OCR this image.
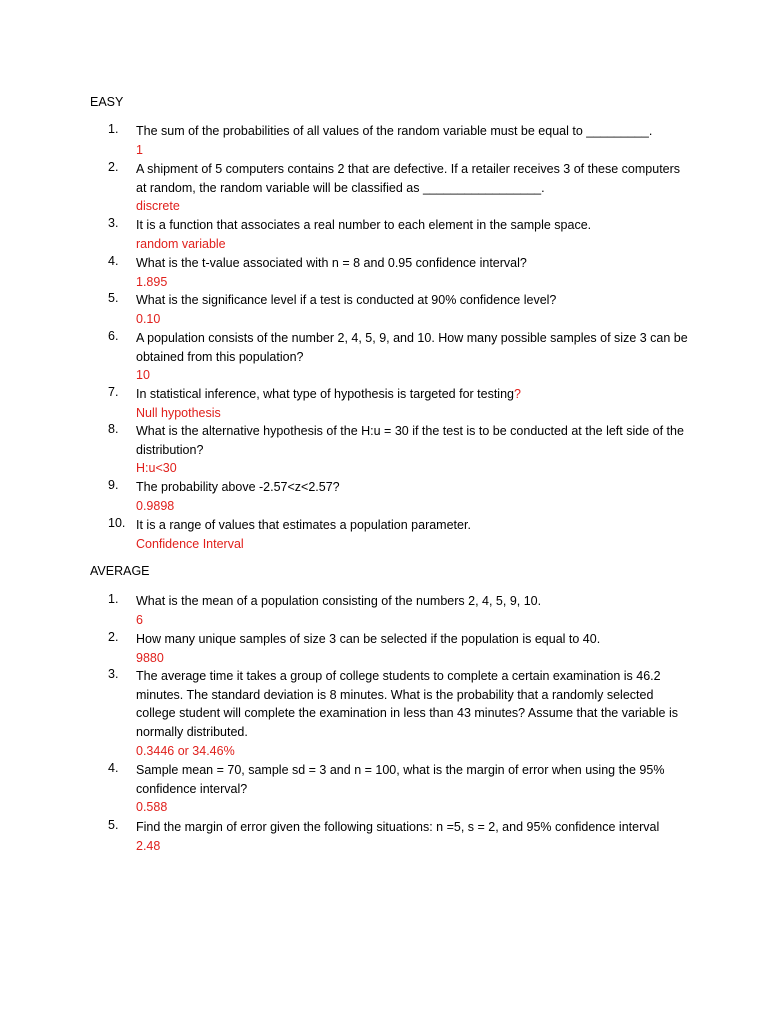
EASY
1.	The sum of the probabilities of all values of the random variable must be equal to _________.
1
2.	A shipment of 5 computers contains 2 that are defective. If a retailer receives 3 of these computers at random, the random variable will be classified as _________________.
discrete
3.	It is a function that associates a real number to each element in the sample space.
random variable
4.	What is the t-value associated with n = 8 and 0.95 confidence interval?
1.895
5.	What is the significance level if a test is conducted at 90% confidence level?
0.10
6.	A population consists of the number 2, 4, 5, 9, and 10. How many possible samples of size 3 can be obtained from this population?
10
7.	In statistical inference, what type of hypothesis is targeted for testing?
Null hypothesis
8.	What is the alternative hypothesis of the H:u = 30 if the test is to be conducted at the left side of the distribution?
H:u<30
9.	The probability above -2.57<z<2.57?
0.9898
10. It is a range of values that estimates a population parameter.
Confidence Interval
AVERAGE
1.	What is the mean of a population consisting of the numbers 2, 4, 5, 9, 10.
6
2.	How many unique samples of size 3 can be selected if the population is equal to 40.
9880
3.	The average time it takes a group of college students to complete a certain examination is 46.2 minutes. The standard deviation is 8 minutes. What is the probability that a randomly selected college student will complete the examination in less than 43 minutes? Assume that the variable is normally distributed.
0.3446 or 34.46%
4.	Sample mean = 70, sample sd = 3 and n = 100, what is the margin of error when using the 95% confidence interval?
0.588
5.	Find the margin of error given the following situations: n =5, s = 2, and 95% confidence interval
2.48
